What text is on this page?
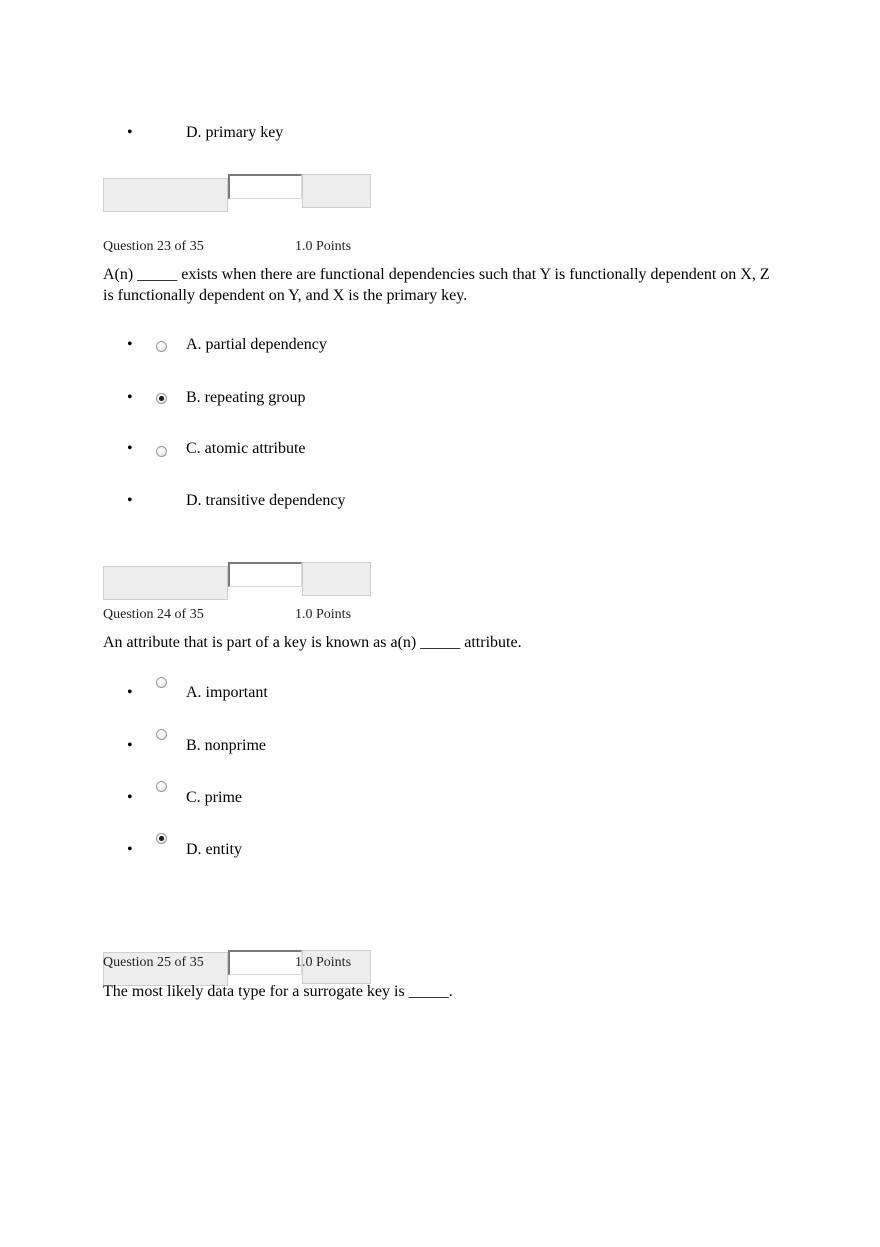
•	D. primary key
Question 23 of 35	1.0 Points
A(n) _____ exists when there are functional dependencies such that Y is functionally dependent on X, Z is functionally dependent on Y, and X is the primary key.
•	A. partial dependency
•	B. repeating group
•	C. atomic attribute
•	D. transitive dependency
Question 24 of 35	1.0 Points
An attribute that is part of a key is known as a(n) _____ attribute.
•	A. important
•	B. nonprime
•	C. prime
•	D. entity
Question 25 of 35	1.0 Points
The most likely data type for a surrogate key is _____.
